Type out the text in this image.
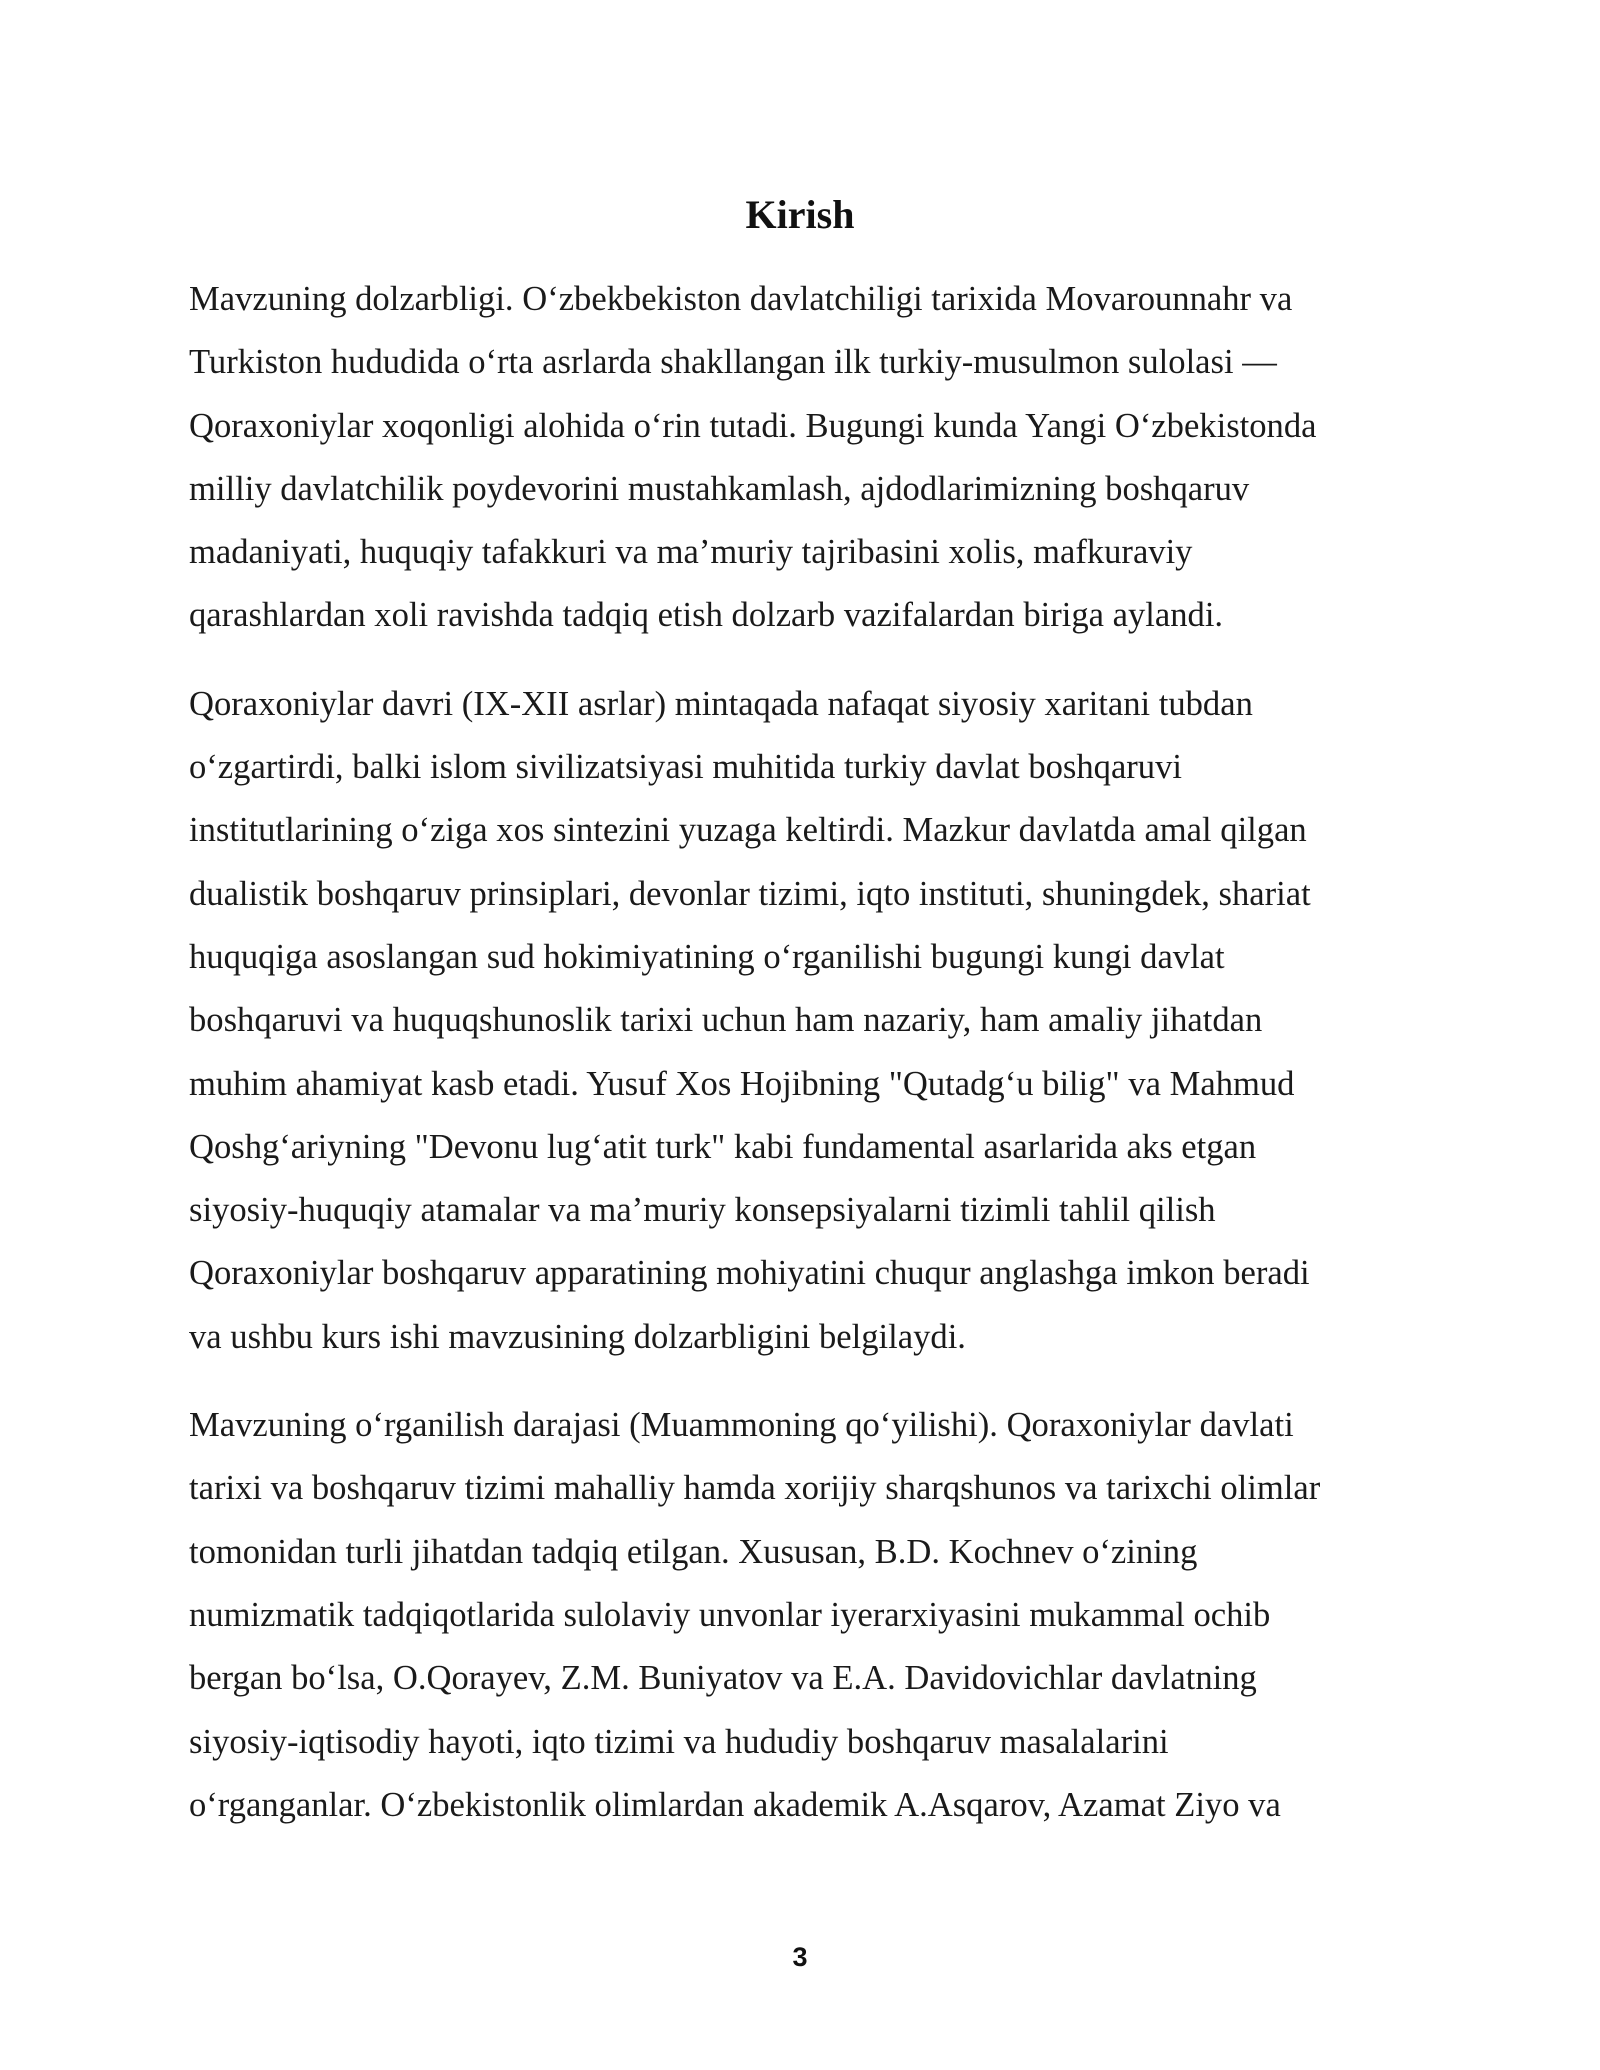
Kirish

Mavzuning dolzarbligi. O‘zbekbekiston davlatchiligi tarixida Movarounnahr va
Turkiston hududida o‘rta asrlarda shakllangan ilk turkiy-musulmon sulolasi —
Qoraxoniylar xoqonligi alohida o‘rin tutadi. Bugungi kunda Yangi O‘zbekistonda
milliy davlatchilik poydevorini mustahkamlash, ajdodlarimizning boshqaruv
madaniyati, huquqiy tafakkuri va ma’muriy tajribasini xolis, mafkuraviy
qarashlardan xoli ravishda tadqiq etish dolzarb vazifalardan biriga aylandi.

Qoraxoniylar davri (IX-XII asrlar) mintaqada nafaqat siyosiy xaritani tubdan
o‘zgartirdi, balki islom sivilizatsiyasi muhitida turkiy davlat boshqaruvi
institutlarining o‘ziga xos sintezini yuzaga keltirdi. Mazkur davlatda amal qilgan
dualistik boshqaruv prinsiplari, devonlar tizimi, iqto instituti, shuningdek, shariat
huquqiga asoslangan sud hokimiyatining o‘rganilishi bugungi kungi davlat
boshqaruvi va huquqshunoslik tarixi uchun ham nazariy, ham amaliy jihatdan
muhim ahamiyat kasb etadi. Yusuf Xos Hojibning "Qutadg‘u bilig" va Mahmud
Qoshg‘ariyning "Devonu lug‘atit turk" kabi fundamental asarlarida aks etgan
siyosiy-huquqiy atamalar va ma’muriy konsepsiyalarni tizimli tahlil qilish
Qoraxoniylar boshqaruv apparatining mohiyatini chuqur anglashga imkon beradi
va ushbu kurs ishi mavzusining dolzarbligini belgilaydi.

Mavzuning o‘rganilish darajasi (Muammoning qo‘yilishi). Qoraxoniylar davlati
tarixi va boshqaruv tizimi mahalliy hamda xorijiy sharqshunos va tarixchi olimlar
tomonidan turli jihatdan tadqiq etilgan. Xususan, B.D. Kochnev o‘zining
numizmatik tadqiqotlarida sulolaviy unvonlar iyerarxiyasini mukammal ochib
bergan bo‘lsa, O.Qorayev, Z.M. Buniyatov va E.A. Davidovichlar davlatning
siyosiy-iqtisodiy hayoti, iqto tizimi va hududiy boshqaruv masalalarini
o‘rganganlar. O‘zbekistonlik olimlardan akademik A.Asqarov, Azamat Ziyo va

3
